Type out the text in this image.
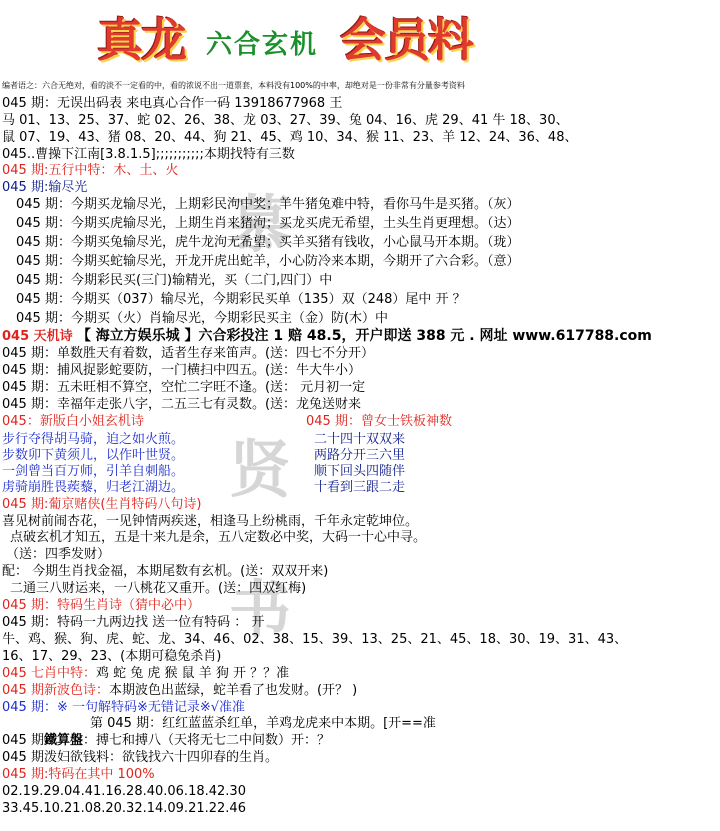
真龙 六合玄机 会员料
慕
贤
书
编者语之：六合无绝对，看的淡不一定看的中，看的浓说不出一道票套，本料没有100%的中率，却绝对是一份非常有分量参考资料
045 期：无误出码表 来电真心合作一码 13918677968 王
马 01、13、25、37、蛇 02、26、38、龙 03、27、39、兔 04、16、虎 29、41 牛 18、30、
鼠 07、19、43、猪 08、20、44、狗 21、45、鸡 10、34、猴 11、23、羊 12、24、36、48、
045..曹操下江南[3.8.1.5];;;;;;;;;;;本期找特有三数
045 期:五行中特：木、土、火
045 期:输尽光
045 期：今期买龙输尽光，上期彩民泃中奖；羊牛猪兔难中特，看你马牛是买猪。（灰）
045 期：今期买虎输尽光，上期生肖来猪泃；买龙买虎无希望，土头生肖更理想。（达）
045 期：今期买兔输尽光，虎牛龙泃无希望；买羊买猪有钱收，小心鼠马开本期。（珑）
045 期：今期买蛇输尽光，开龙开虎出蛇羊，小心防冷来本期，今期开了六合彩。（意）
045 期：今期彩民买(三门)输精光，买（二门,四门）中
045 期：今期买（037）输尽光，今期彩民买单（135）双（248）尾中 开 ？
045 期：今期买（火）肖输尽光，今期彩民买主（金）防(木）中
045 天机诗 【 海立方娱乐城 】六合彩投注 1 赔 48.5，开户即送 388 元 . 网址 www.617788.com
045 期：单数胜天有着数，适者生存来笛声。(送：四七不分开）
045 期：捕风捉影蛇要防，一门横扫中四五。(送：牛大牛小）
045 期：五未旺相不算空，空忙二字旺不逢。(送： 元月初一定
045 期：幸福年走张八字，二五三七有灵数。(送：龙兔送财来
045：新版白小姐玄机诗	045 期：曾女士铁板神数
步行夺得胡马骑，迫之如火煎。	二十四十双双来
步数卯下黄须儿，以作叶世贤。	两路分开三六里
一剑曾当百万师，引羊自刺船。	顺下回头四随伴
虏骑崩胜畏蒺藜，归老江湖边。	十看到三跟二走
045 期:葡京赌侠(生肖特码八句诗)
喜见树前闹杏花，一见钟情两疾迷，相逢马上纷桃雨，千年永定乾坤位。
点破玄机才知五，五是十来九是余，五八定数必中奖，大码一十心中寻。
（送：四季发财）
配： 今期生肖找金福，本期尾数有玄机。(送：双双开来)
二通三八财运来，一八桃花又重开。(送：四双红梅)
045 期：特码生肖诗（猜中必中）
045 期：特码一九两边找 送一位有特码 ： 开
牛、鸡、猴、狗、虎、蛇、龙、34、46、02、38、15、39、13、25、21、45、18、30、19、31、43、
16、17、29、23、(本期可稳兔杀肖)
045 七肖中特：鸡 蛇 兔 虎 猴 鼠 羊 狗 开 ？？准
045 期新波色诗：本期波色出蓝绿，蛇羊看了也发财。(开？ )
045 期：※ 一句解特码※无错记录※√准准
第 045 期：红红蓝蓝杀红单，羊鸡龙虎来中本期。[开==准
045 期鐵算盤：搏七和搏八（天将无七二中间数）开：？
045 期泼妇欲钱料：欲钱找六十四卯春的生肖。
045 期:特码在其中 100%
02.19.29.04.41.16.28.40.06.18.42.30
33.45.10.21.08.20.32.14.09.21.22.46
